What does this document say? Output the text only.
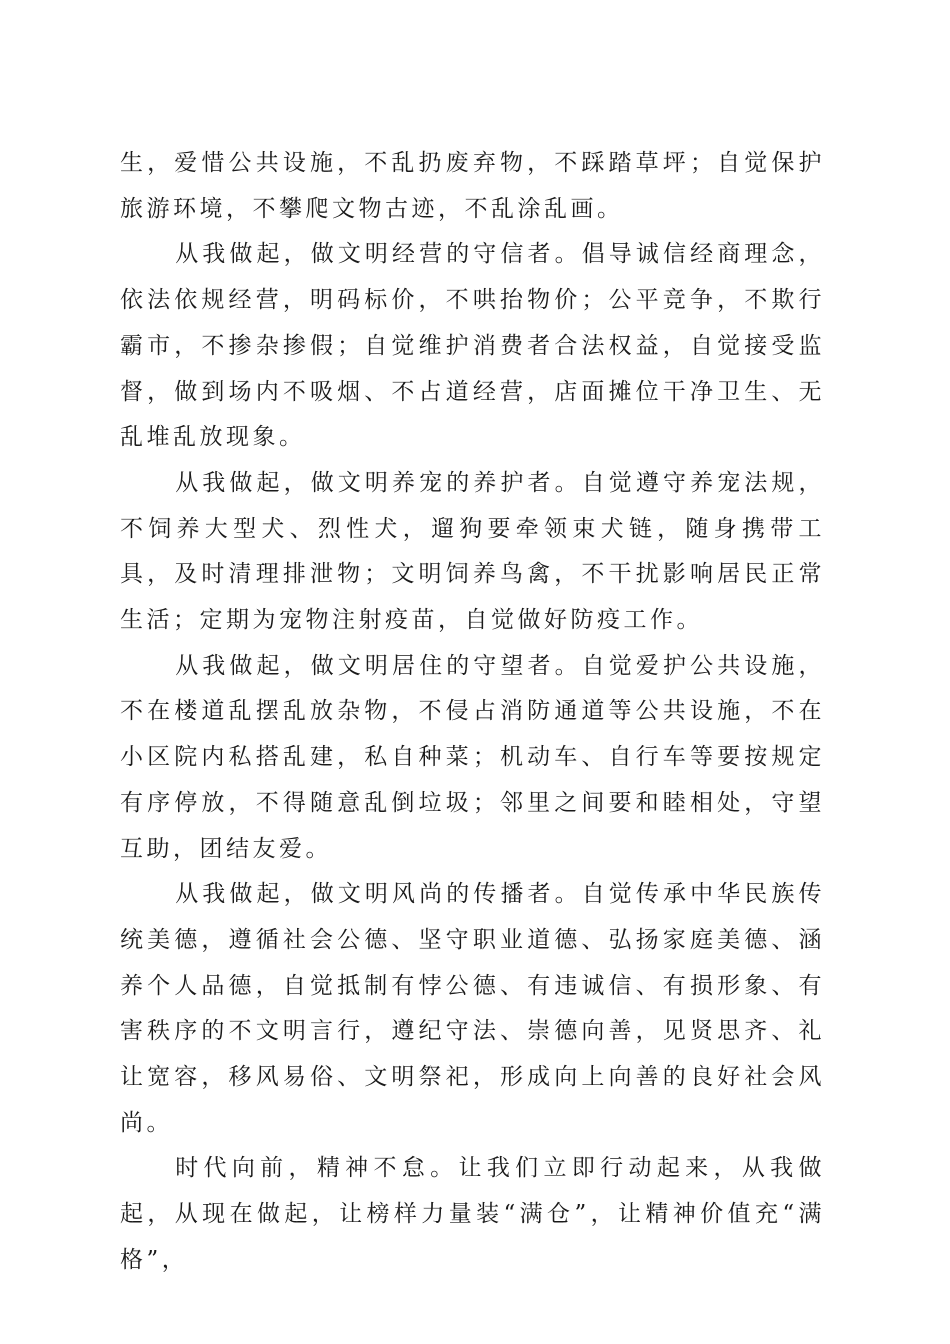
生，爱惜公共设施，不乱扔废弃物，不踩踏草坪；自觉保护旅游环境，不攀爬文物古迹，不乱涂乱画。

从我做起，做文明经营的守信者。倡导诚信经商理念，依法依规经营，明码标价，不哄抬物价；公平竞争，不欺行霸市，不掺杂掺假；自觉维护消费者合法权益，自觉接受监督，做到场内不吸烟、不占道经营，店面摊位干净卫生、无乱堆乱放现象。

从我做起，做文明养宠的养护者。自觉遵守养宠法规，不饲养大型犬、烈性犬，遛狗要牵领束犬链，随身携带工具，及时清理排泄物；文明饲养鸟禽，不干扰影响居民正常生活；定期为宠物注射疫苗，自觉做好防疫工作。

从我做起，做文明居住的守望者。自觉爱护公共设施，不在楼道乱摆乱放杂物，不侵占消防通道等公共设施，不在小区院内私搭乱建，私自种菜；机动车、自行车等要按规定有序停放，不得随意乱倒垃圾；邻里之间要和睦相处，守望互助，团结友爱。

从我做起，做文明风尚的传播者。自觉传承中华民族传统美德，遵循社会公德、坚守职业道德、弘扬家庭美德、涵养个人品德，自觉抵制有悖公德、有违诚信、有损形象、有害秩序的不文明言行，遵纪守法、崇德向善，见贤思齐、礼让宽容，移风易俗、文明祭祀，形成向上向善的良好社会风尚。

时代向前，精神不怠。让我们立即行动起来，从我做起，从现在做起，让榜样力量装“满仓”，让精神价值充“满格”，
